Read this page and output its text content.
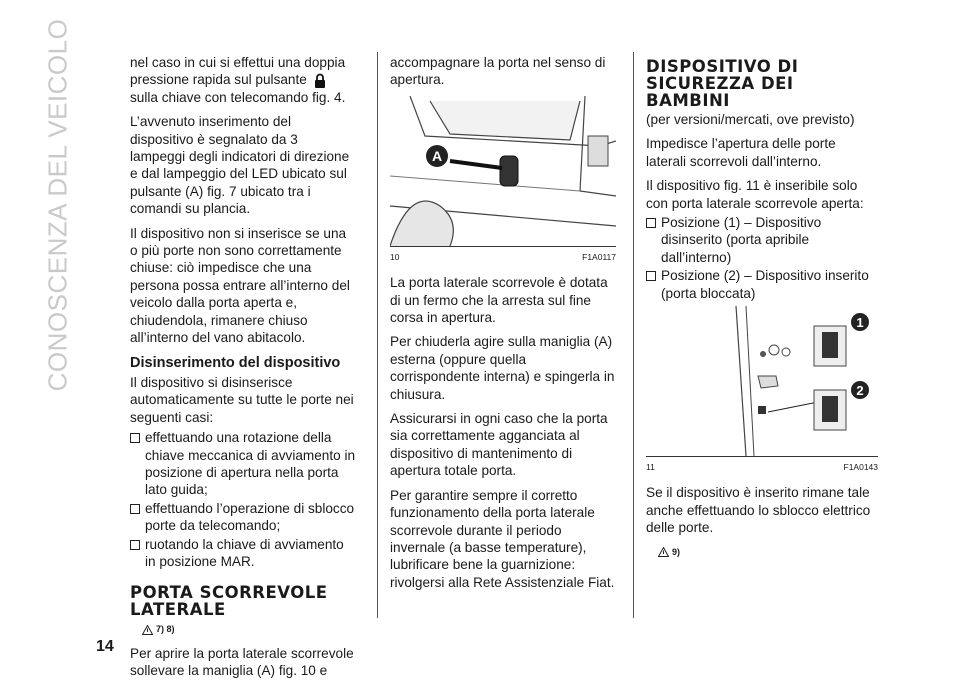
CONOSCENZA DEL VEICOLO
14

nel caso in cui si effettui una doppia pressione rapida sul pulsante  sulla chiave con telecomando fig. 4.

L’avvenuto inserimento del dispositivo è segnalato da 3 lampeggi degli indicatori di direzione e dal lampeggio del LED ubicato sul pulsante (A) fig. 7 ubicato tra i comandi su plancia.

Il dispositivo non si inserisce se una o più porte non sono correttamente chiuse: ciò impedisce che una persona possa entrare all’interno del veicolo dalla porta aperta e, chiudendola, rimanere chiuso all’interno del vano abitacolo.

Disinserimento del dispositivo

Il dispositivo si disinserisce automaticamente su tutte le porte nei seguenti casi:

effettuando una rotazione della chiave meccanica di avviamento in posizione di apertura nella porta lato guida;
effettuando l’operazione di sblocco porte da telecomando;
ruotando la chiave di avviamento in posizione MAR.
PORTA SCORREVOLE LATERALE
7) 8)

Per aprire la porta laterale scorrevole sollevare la maniglia (A) fig. 10 e

accompagnare la porta nel senso di apertura.

A
10	F1A0117

La porta laterale scorrevole è dotata di un fermo che la arresta sul fine corsa in apertura.

Per chiuderla agire sulla maniglia (A) esterna (oppure quella corrispondente interna) e spingerla in chiusura.

Assicurarsi in ogni caso che la porta sia correttamente agganciata al dispositivo di mantenimento di apertura totale porta.

Per garantire sempre il corretto funzionamento della porta laterale scorrevole durante il periodo invernale (a basse temperature), lubrificare bene la guarnizione: rivolgersi alla Rete Assistenziale Fiat.

DISPOSITIVO DI SICUREZZA DEI BAMBINI

(per versioni/mercati, ove previsto)

Impedisce l’apertura delle porte laterali scorrevoli dall’interno.

Il dispositivo fig. 11 è inseribile solo con porta laterale scorrevole aperta:

Posizione (1) – Dispositivo disinserito (porta apribile dall’interno)
Posizione (2) – Dispositivo inserito (porta bloccata)
1
2
11	F1A0143

Se il dispositivo è inserito rimane tale anche effettuando lo sblocco elettrico delle porte.

9)
